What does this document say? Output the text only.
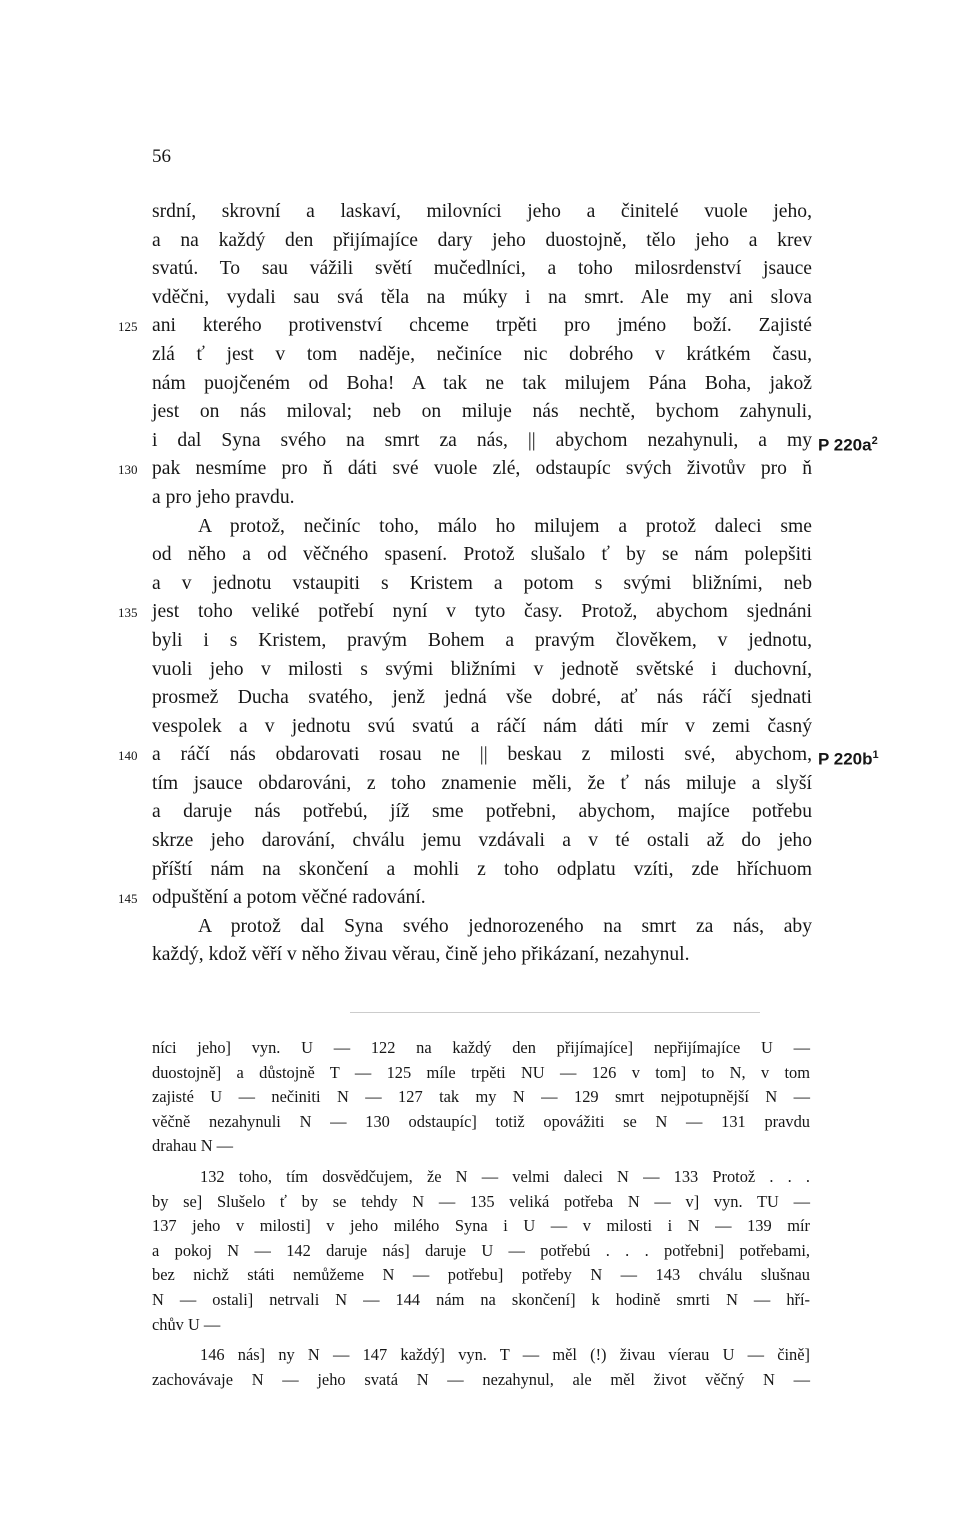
56
srdní, skrovní a laskaví, milovníci jeho a činitelé vuole jeho,
a na každý den přijímajíce dary jeho duostojně, tělo jeho a krev
svatú. To sau vážili světí mučedlníci, a toho milosrdenství jsauce
vděčni, vydali sau svá těla na múky i na smrt. Ale my ani slova
ani kterého protivenství chceme trpěti pro jméno boží. Zajisté
125
zlá ť jest v tom naděje, nečiníce nic dobrého v krátkém času,
nám puojčeném od Boha! A tak ne tak milujem Pána Boha, jakož
jest on nás miloval; neb on miluje nás nechtě, bychom zahynuli,
i dal Syna svého na smrt za nás, || abychom nezahynuli, a my P $220a^2$
pak nesmíme pro ň dáti své vuole zlé, odstaupíc svých životův pro ň
130
a pro jeho pravdu.
A protož, nečiníc toho, málo ho milujem a protož daleci sme
od něho a od věčného spasení. Protož slušalo ť by se nám polepšiti
a v jednotu vstaupiti s Kristem a potom s svými bližními, neb
jest toho veliké potřebí nyní v tyto časy. Protož, abychom sjednáni
135
byli i s Kristem, pravým Bohem a pravým člověkem, v jednotu,
vuoli jeho v milosti s svými bližními v jednotě světské i duchovní,
prosmež Ducha svatého, jenž jedná vše dobré, ať nás ráčí sjednati
vespolek a v jednotu svú svatú a ráčí nám dáti mír v zemi časný
a ráčí nás obdarovati rosau ne || beskau z milosti své, abychom,
140	P $220b^1$
tím jsauce obdarováni, z toho znamenie měli, že ť nás miluje a slyší
a daruje nás potřebú, jíž sme potřebni, abychom, majíce potřebu
skrze jeho darování, chválu jemu vzdávali a v té ostali až do jeho
příští nám na skončení a mohli z toho odplatu vzíti, zde hříchuom
odpuštění a potom věčné radování.
145
A protož dal Syna svého jednorozeného na smrt za nás, aby
každý, kdož věří v něho živau věrau, čině jeho přikázaní, nezahynul.
níci jeho] vyn. U — 122 na každý den přijímajíce] nepřijímajíce U —
duostojně] a důstojně T — 125 míle trpěti NU — 126 v tom] to N, v tom
zajisté U — nečiniti N — 127 tak my N — 129 smrt nejpotupnější N —
věčně nezahynuli N — 130 odstaupíc] totiž opovážiti se N — 131 pravdu
drahau N —
132 toho, tím dosvědčujem, že N — velmi daleci N — 133 Protož . . .
by se] Slušelo ť by se tehdy N — 135 veliká potřeba N — v] vyn. TU —
137 jeho v milosti] v jeho milého Syna i U — v milosti i N — 139 mír
a pokoj N — 142 daruje nás] daruje U — potřebú . . . potřebni] potřebami,
bez nichž státi nemůžeme N — potřebu] potřeby N — 143 chválu slušnau
N — ostali] netrvali N — 144 nám na skončení] k hodině smrti N — hří-
chův U —
146 nás] ny N — 147 každý] vyn. T — měl (!) živau víerau U — čině]
zachovávaje N — jeho svatá N — nezahynul, ale měl život věčný N —
